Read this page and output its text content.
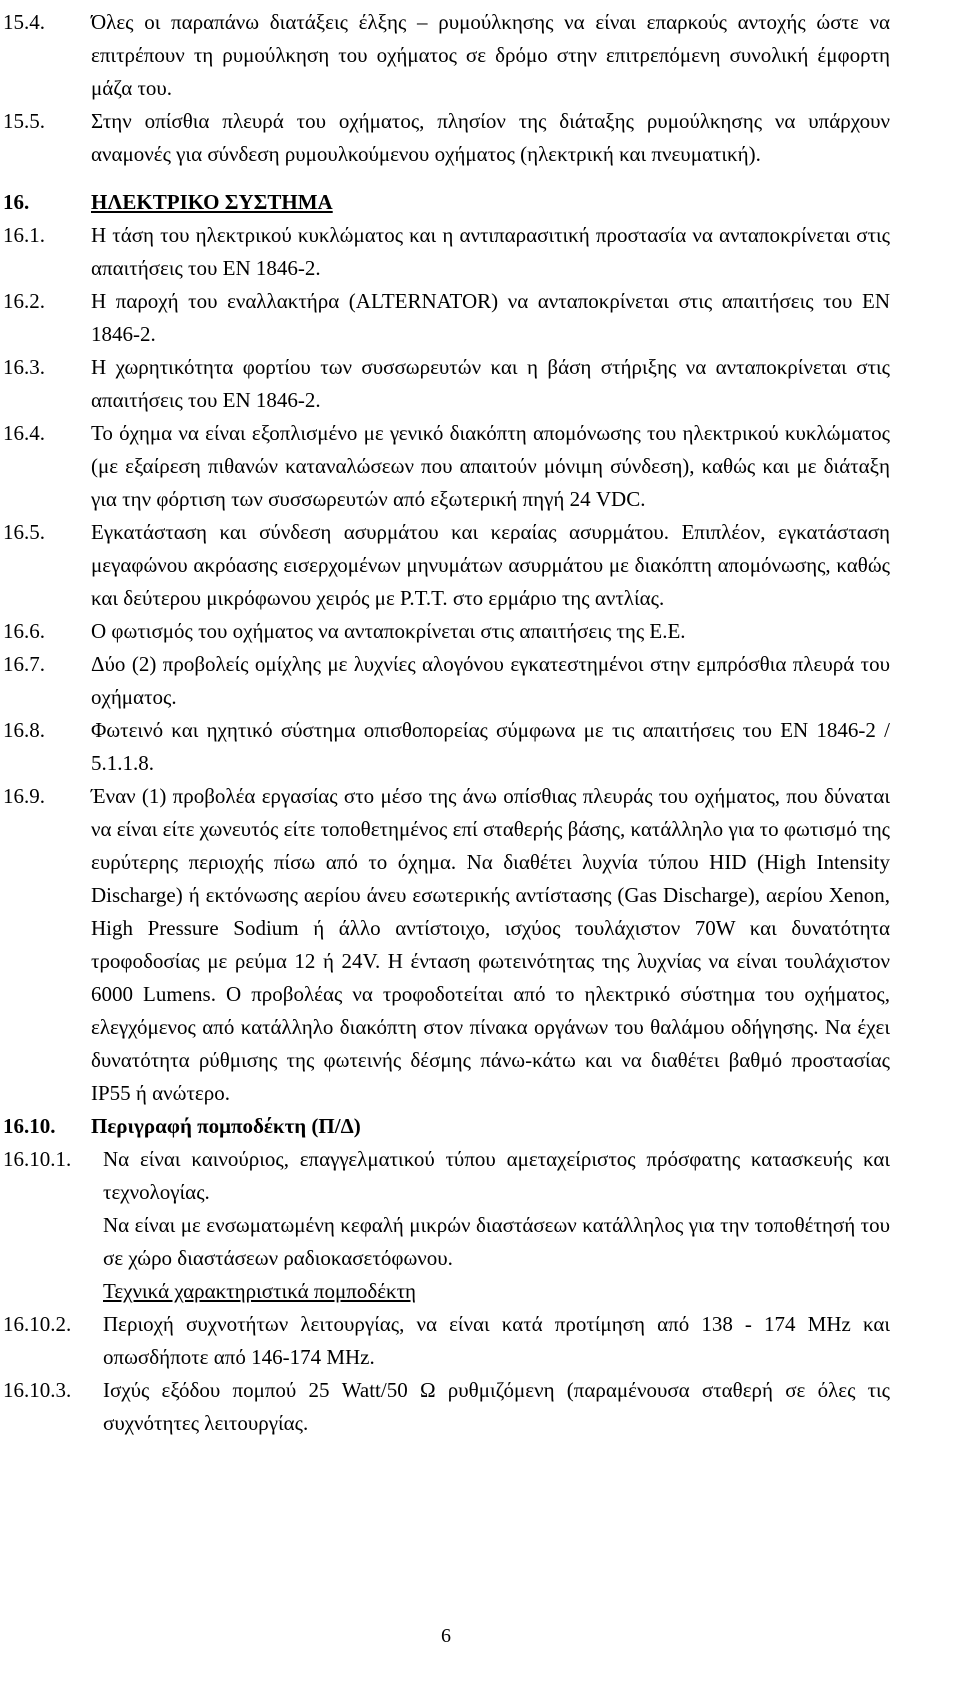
15.4.	Όλες οι παραπάνω διατάξεις έλξης – ρυμούλκησης να είναι επαρκούς αντοχής ώστε να επιτρέπουν τη ρυμούλκηση του οχήματος σε δρόμο στην επιτρεπόμενη συνολική έμφορτη μάζα του.
15.5.	Στην οπίσθια πλευρά του οχήματος, πλησίον της διάταξης ρυμούλκησης να υπάρχουν αναμονές για σύνδεση ρυμουλκούμενου οχήματος (ηλεκτρική και πνευματική).
16.	ΗΛΕΚΤΡΙΚΟ ΣΥΣΤΗΜΑ
16.1.	Η τάση του ηλεκτρικού κυκλώματος και η αντιπαρασιτική προστασία να ανταποκρίνεται στις απαιτήσεις του EN 1846-2.
16.2.	Η παροχή του εναλλακτήρα (ALTERNATOR) να ανταποκρίνεται στις απαιτήσεις του EN 1846-2.
16.3.	Η χωρητικότητα φορτίου των συσσωρευτών και η βάση στήριξης να ανταποκρίνεται στις απαιτήσεις του EN 1846-2.
16.4.	Το όχημα να είναι εξοπλισμένο με γενικό διακόπτη απομόνωσης του ηλεκτρικού κυκλώματος (με εξαίρεση πιθανών καταναλώσεων που απαιτούν μόνιμη σύνδεση), καθώς και με διάταξη για την φόρτιση των συσσωρευτών από εξωτερική πηγή 24 VDC.
16.5.	Εγκατάσταση και σύνδεση ασυρμάτου και κεραίας ασυρμάτου. Επιπλέον, εγκατάσταση μεγαφώνου ακρόασης εισερχομένων μηνυμάτων ασυρμάτου με διακόπτη απομόνωσης, καθώς και δεύτερου μικρόφωνου χειρός με Ρ.Τ.Τ. στο ερμάριο της αντλίας.
16.6.	Ο φωτισμός του οχήματος να ανταποκρίνεται στις απαιτήσεις της Ε.Ε.
16.7.	Δύο (2) προβολείς ομίχλης με λυχνίες αλογόνου εγκατεστημένοι στην εμπρόσθια πλευρά του οχήματος.
16.8.	Φωτεινό και ηχητικό σύστημα οπισθοπορείας σύμφωνα με τις απαιτήσεις του EN 1846-2 / 5.1.1.8.
16.9.	Έναν (1) προβολέα εργασίας στο μέσο της άνω οπίσθιας πλευράς του οχήματος, που δύναται να είναι είτε χωνευτός είτε τοποθετημένος επί σταθερής βάσης, κατάλληλο για το φωτισμό της ευρύτερης περιοχής πίσω από το όχημα. Να διαθέτει λυχνία τύπου HID (High Intensity Discharge) ή εκτόνωσης αερίου άνευ εσωτερικής αντίστασης (Gas Discharge), αερίου Xenon, High Pressure Sodium ή άλλο αντίστοιχο, ισχύος τουλάχιστον 70W και δυνατότητα τροφοδοσίας με ρεύμα 12 ή 24V. Η ένταση φωτεινότητας της λυχνίας να είναι τουλάχιστον 6000 Lumens. Ο προβολέας να τροφοδοτείται από το ηλεκτρικό σύστημα του οχήματος, ελεγχόμενος από κατάλληλο διακόπτη στον πίνακα οργάνων του θαλάμου οδήγησης. Να έχει δυνατότητα ρύθμισης της φωτεινής δέσμης πάνω-κάτω και να διαθέτει βαθμό προστασίας IP55 ή ανώτερο.
16.10.	Περιγραφή πομποδέκτη (Π/Δ)
16.10.1.	Να είναι καινούριος, επαγγελματικού τύπου αμεταχείριστος πρόσφατης κατασκευής και τεχνολογίας.
Να είναι με ενσωματωμένη κεφαλή μικρών διαστάσεων κατάλληλος για την τοποθέτησή του σε χώρο διαστάσεων ραδιοκασετόφωνου.
Τεχνικά χαρακτηριστικά πομποδέκτη
16.10.2.	Περιοχή συχνοτήτων λειτουργίας, να είναι κατά προτίμηση από 138 - 174 MHz και οπωσδήποτε από 146-174 MHz.
16.10.3.	Ισχύς εξόδου πομπού 25 Watt/50 Ω ρυθμιζόμενη (παραμένουσα σταθερή σε όλες τις συχνότητες λειτουργίας.
6
